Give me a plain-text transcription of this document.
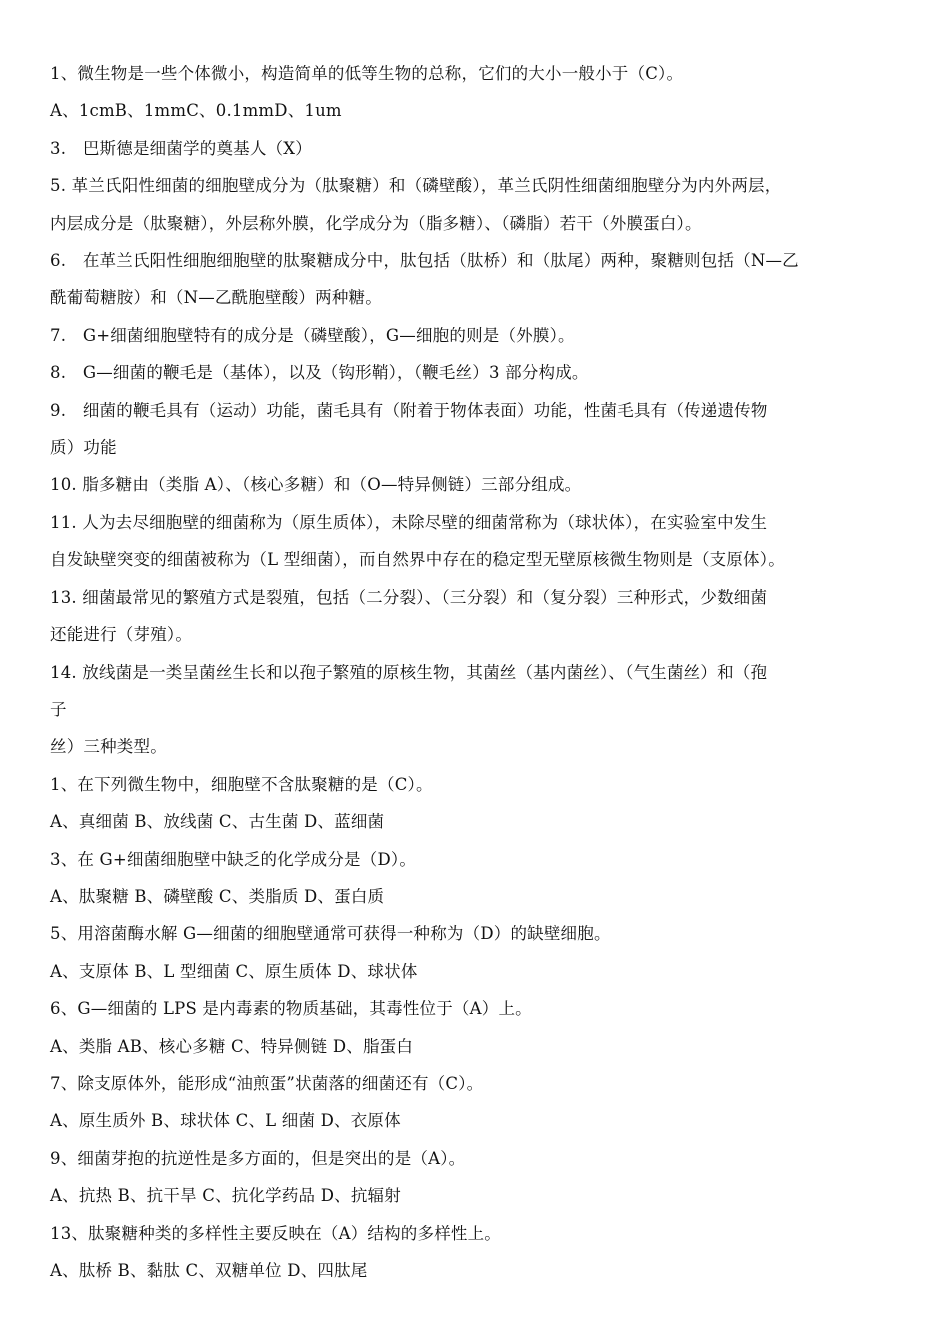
1、微生物是一些个体微小，构造简单的低等生物的总称，它们的大小一般小于（C）。
A、1cmB、1mmC、0.1mmD、1um
3.　巴斯德是细菌学的奠基人（X）
5. 革兰氏阳性细菌的细胞壁成分为（肽聚糖）和（磷壁酸），革兰氏阴性细菌细胞壁分为内外两层，
内层成分是（肽聚糖），外层称外膜，化学成分为（脂多糖）、（磷脂）若干（外膜蛋白）。
6.　在革兰氏阳性细胞细胞壁的肽聚糖成分中，肽包括（肽桥）和（肽尾）两种，聚糖则包括（N—乙
酰葡萄糖胺）和（N—乙酰胞壁酸）两种糖。
7.　G+细菌细胞壁特有的成分是（磷壁酸），G—细胞的则是（外膜）。
8.　G—细菌的鞭毛是（基体），以及（钩形鞘），（鞭毛丝）3 部分构成。
9.　细菌的鞭毛具有（运动）功能，菌毛具有（附着于物体表面）功能，性菌毛具有（传递遗传物
质）功能
10. 脂多糖由（类脂 A）、（核心多糖）和（O—特异侧链）三部分组成。
11. 人为去尽细胞壁的细菌称为（原生质体），未除尽壁的细菌常称为（球状体），在实验室中发生
自发缺壁突变的细菌被称为（L 型细菌），而自然界中存在的稳定型无壁原核微生物则是（支原体）。
13. 细菌最常见的繁殖方式是裂殖，包括（二分裂）、（三分裂）和（复分裂）三种形式，少数细菌
还能进行（芽殖）。
14. 放线菌是一类呈菌丝生长和以孢子繁殖的原核生物，其菌丝（基内菌丝）、（气生菌丝）和（孢
子
丝）三种类型。
1、在下列微生物中，细胞壁不含肽聚糖的是（C）。
A、真细菌 B、放线菌 C、古生菌 D、蓝细菌
3、在 G+细菌细胞壁中缺乏的化学成分是（D）。
A、肽聚糖 B、磷壁酸 C、类脂质 D、蛋白质
5、用溶菌酶水解 G—细菌的细胞壁通常可获得一种称为（D）的缺壁细胞。
A、支原体 B、L 型细菌 C、原生质体 D、球状体
6、G—细菌的 LPS 是内毒素的物质基础，其毒性位于（A）上。
A、类脂 AB、核心多糖 C、特异侧链 D、脂蛋白
7、除支原体外，能形成“油煎蛋”状菌落的细菌还有（C）。
A、原生质外 B、球状体 C、L 细菌 D、衣原体
9、细菌芽抱的抗逆性是多方面的，但是突出的是（A）。
A、抗热 B、抗干旱 C、抗化学药品 D、抗辐射
13、肽聚糖种类的多样性主要反映在（A）结构的多样性上。
A、肽桥 B、黏肽 C、双糖单位 D、四肽尾
